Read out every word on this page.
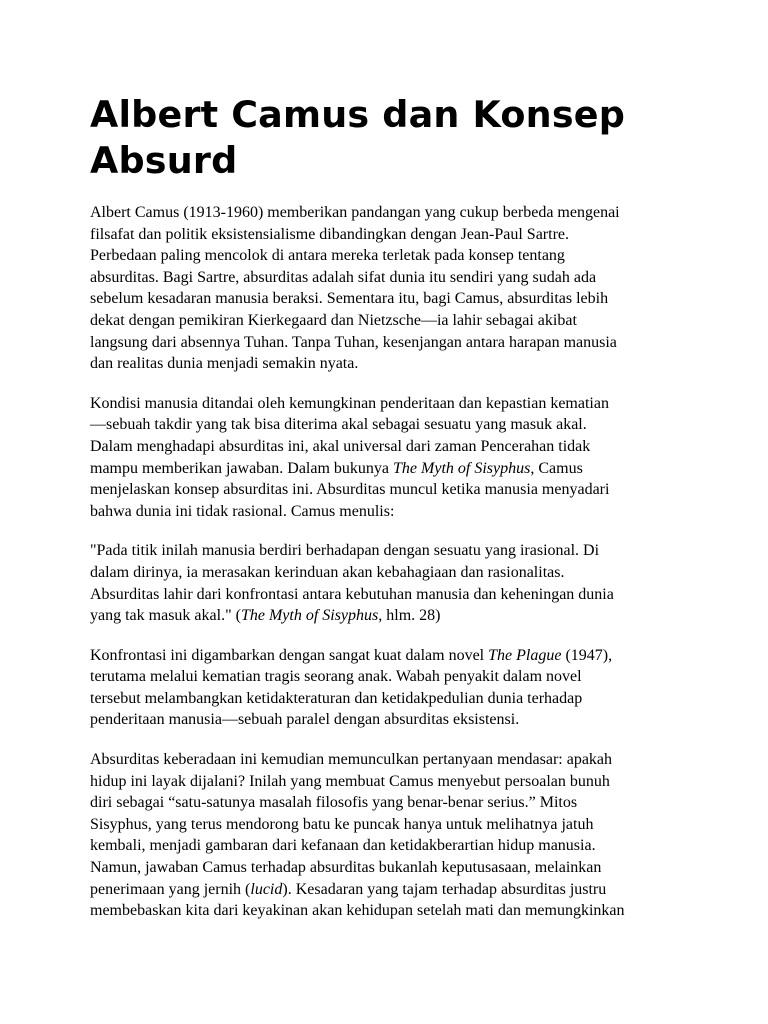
Albert Camus dan Konsep
Absurd

Albert Camus (1913-1960) memberikan pandangan yang cukup berbeda mengenai
filsafat dan politik eksistensialisme dibandingkan dengan Jean-Paul Sartre.
Perbedaan paling mencolok di antara mereka terletak pada konsep tentang
absurditas. Bagi Sartre, absurditas adalah sifat dunia itu sendiri yang sudah ada
sebelum kesadaran manusia beraksi. Sementara itu, bagi Camus, absurditas lebih
dekat dengan pemikiran Kierkegaard dan Nietzsche—ia lahir sebagai akibat
langsung dari absennya Tuhan. Tanpa Tuhan, kesenjangan antara harapan manusia
dan realitas dunia menjadi semakin nyata.

Kondisi manusia ditandai oleh kemungkinan penderitaan dan kepastian kematian
—sebuah takdir yang tak bisa diterima akal sebagai sesuatu yang masuk akal.
Dalam menghadapi absurditas ini, akal universal dari zaman Pencerahan tidak
mampu memberikan jawaban. Dalam bukunya The Myth of Sisyphus, Camus
menjelaskan konsep absurditas ini. Absurditas muncul ketika manusia menyadari
bahwa dunia ini tidak rasional. Camus menulis:

"Pada titik inilah manusia berdiri berhadapan dengan sesuatu yang irasional. Di
dalam dirinya, ia merasakan kerinduan akan kebahagiaan dan rasionalitas.
Absurditas lahir dari konfrontasi antara kebutuhan manusia dan keheningan dunia
yang tak masuk akal." (The Myth of Sisyphus, hlm. 28)

Konfrontasi ini digambarkan dengan sangat kuat dalam novel The Plague (1947),
terutama melalui kematian tragis seorang anak. Wabah penyakit dalam novel
tersebut melambangkan ketidakteraturan dan ketidakpedulian dunia terhadap
penderitaan manusia—sebuah paralel dengan absurditas eksistensi.

Absurditas keberadaan ini kemudian memunculkan pertanyaan mendasar: apakah
hidup ini layak dijalani? Inilah yang membuat Camus menyebut persoalan bunuh
diri sebagai “satu-satunya masalah filosofis yang benar-benar serius.” Mitos
Sisyphus, yang terus mendorong batu ke puncak hanya untuk melihatnya jatuh
kembali, menjadi gambaran dari kefanaan dan ketidakberartian hidup manusia.
Namun, jawaban Camus terhadap absurditas bukanlah keputusasaan, melainkan
penerimaan yang jernih (lucid). Kesadaran yang tajam terhadap absurditas justru
membebaskan kita dari keyakinan akan kehidupan setelah mati dan memungkinkan
